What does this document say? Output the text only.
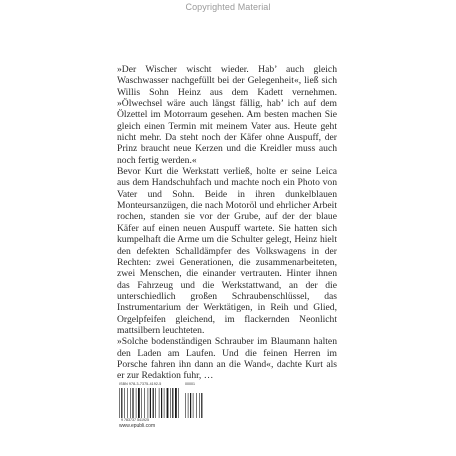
Copyrighted Material

»Der Wischer wischt wieder. Hab’ auch gleich Waschwasser nachgefüllt bei der Gelegenheit«, ließ sich Willis Sohn Heinz aus dem Kadett vernehmen. »Ölwechsel wäre auch längst fällig, hab’ ich auf dem Ölzettel im Motorraum gesehen. Am besten machen Sie gleich einen Termin mit meinem Vater aus. Heute geht nicht mehr. Da steht noch der Käfer ohne Auspuff, der Prinz braucht neue Kerzen und die Kreidler muss auch noch fertig werden.«

Bevor Kurt die Werkstatt verließ, holte er seine Leica aus dem Handschuhfach und machte noch ein Photo von Vater und Sohn. Beide in ihren dunkelblauen Monteursanzügen, die nach Motoröl und ehrlicher Arbeit rochen, standen sie vor der Grube, auf der der blaue Käfer auf einen neuen Auspuff wartete. Sie hatten sich kumpelhaft die Arme um die Schulter gelegt, Heinz hielt den defekten Schalldämpfer des Volkswagens in der Rechten: zwei Generationen, die zusammenarbeiteten, zwei Menschen, die einander vertrauten. Hinter ihnen das Fahrzeug und die Werkstattwand, an der die unterschiedlich großen Schraubenschlüssel, das Instrumentarium der Werktätigen, in Reih und Glied, Orgelpfeifen gleichend, im flackernden Neonlicht mattsilbern leuchteten.

»Solche bodenständigen Schrauber im Blaumann halten den Laden am Laufen. Und die feinen Herren im Porsche fahren ihn dann an die Wand«, dachte Kurt als er zur Redaktion fuhr, …

ISBN 978-3-7375-4192-5
9 783737 541925
00001
www.epubli.com
